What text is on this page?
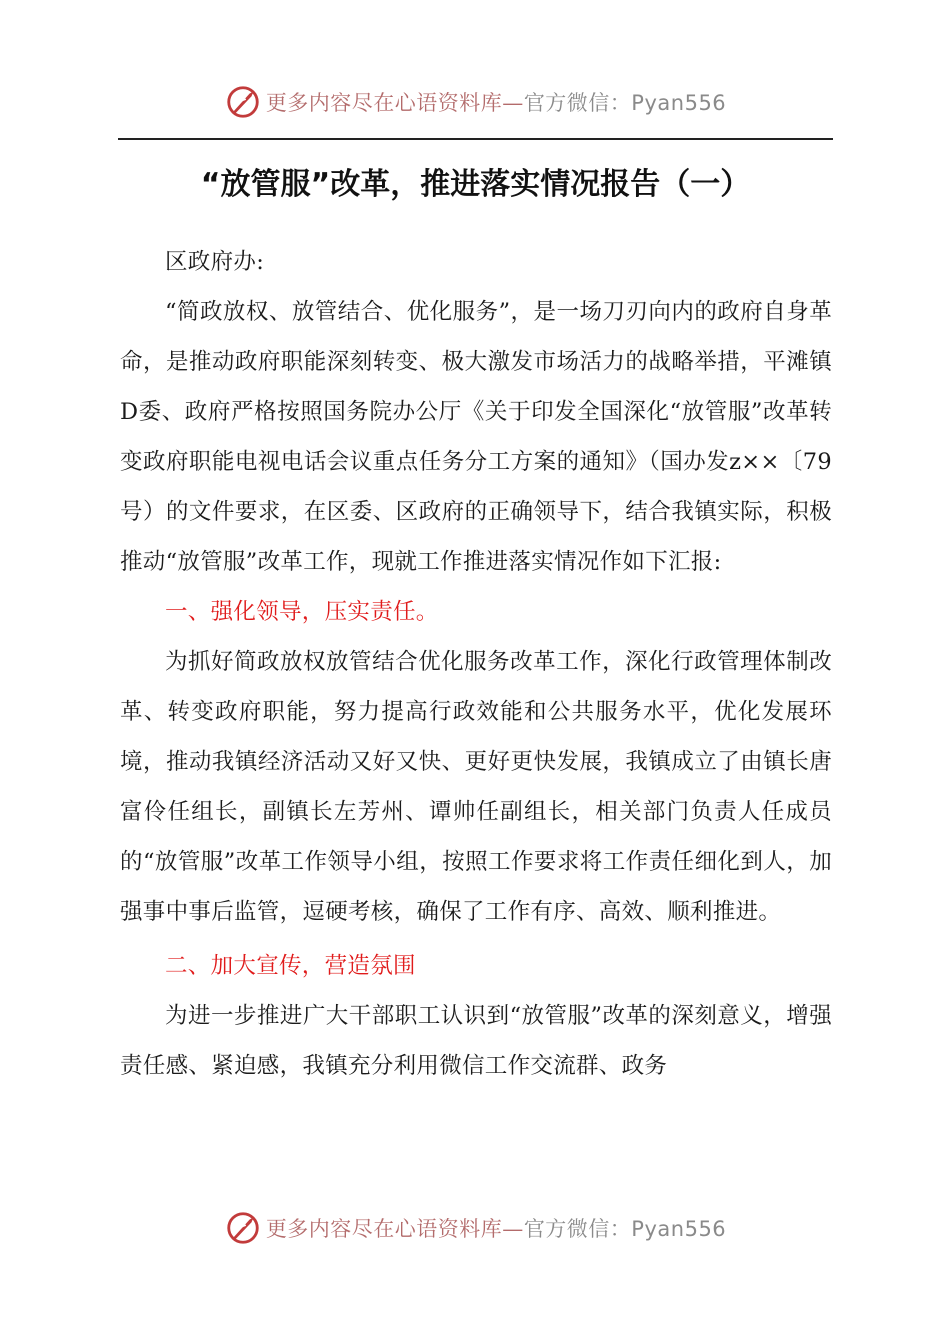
更多内容尽在心语资料库—官方微信：Pyan556
“放管服”改革，推进落实情况报告（一）

区政府办:

“简政放权、放管结合、优化服务”，是一场刀刃向内的政府自身革命，是推动政府职能深刻转变、极大激发市场活力的战略举措，平滩镇D委、政府严格按照国务院办公厅《关于印发全国深化“放管服”改革转变政府职能电视电话会议重点任务分工方案的通知》（国办发z××〔79号）的文件要求，在区委、区政府的正确领导下，结合我镇实际，积极推动“放管服”改革工作，现就工作推进落实情况作如下汇报:

一、强化领导，压实责任。

为抓好简政放权放管结合优化服务改革工作，深化行政管理体制改革、转变政府职能，努力提高行政效能和公共服务水平，优化发展环境，推动我镇经济活动又好又快、更好更快发展，我镇成立了由镇长唐富伶任组长，副镇长左芳州、谭帅任副组长，相关部门负责人任成员的“放管服”改革工作领导小组，按照工作要求将工作责任细化到人，加强事中事后监管，逗硬考核，确保了工作有序、高效、顺利推进。

二、加大宣传，营造氛围

为进一步推进广大干部职工认识到“放管服”改革的深刻意义，增强责任感、紧迫感，我镇充分利用微信工作交流群、政务

更多内容尽在心语资料库—官方微信：Pyan556
